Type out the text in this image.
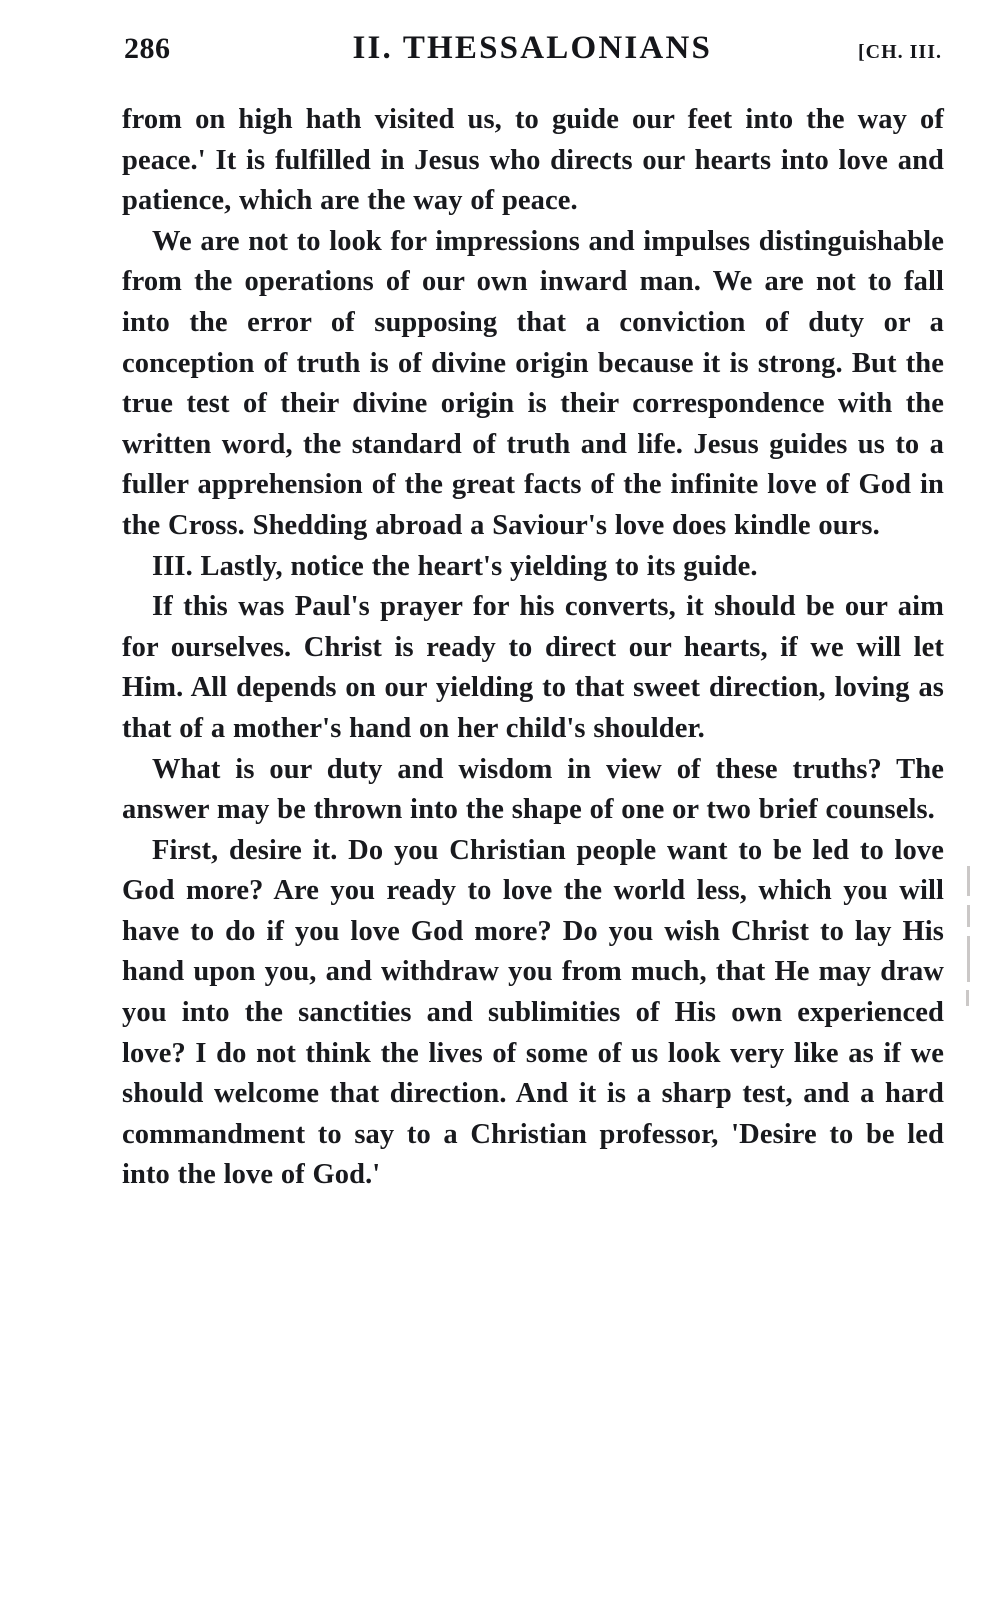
286	II. THESSALONIANS	[CH. III.

from on high hath visited us, to guide our feet into the way of peace.' It is fulfilled in Jesus who directs our hearts into love and patience, which are the way of peace.

We are not to look for impressions and impulses distinguishable from the operations of our own inward man. We are not to fall into the error of supposing that a conviction of duty or a conception of truth is of divine origin because it is strong. But the true test of their divine origin is their correspondence with the written word, the standard of truth and life. Jesus guides us to a fuller apprehension of the great facts of the infinite love of God in the Cross. Shedding abroad a Saviour's love does kindle ours.

III. Lastly, notice the heart's yielding to its guide.

If this was Paul's prayer for his converts, it should be our aim for ourselves. Christ is ready to direct our hearts, if we will let Him. All depends on our yielding to that sweet direction, loving as that of a mother's hand on her child's shoulder.

What is our duty and wisdom in view of these truths? The answer may be thrown into the shape of one or two brief counsels.

First, desire it. Do you Christian people want to be led to love God more? Are you ready to love the world less, which you will have to do if you love God more? Do you wish Christ to lay His hand upon you, and withdraw you from much, that He may draw you into the sanctities and sublimities of His own experienced love? I do not think the lives of some of us look very like as if we should welcome that direction. And it is a sharp test, and a hard commandment to say to a Christian professor, 'Desire to be led into the love of God.'
